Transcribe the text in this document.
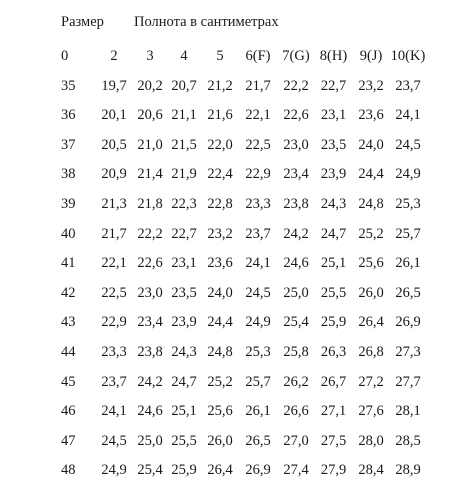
Размер Полнота в сантиметрах
0	2	3	4	5	6(F)	7(G)	8(H)	9(J)	10(K)
35	19,7	20,2	20,7	21,2	21,7	22,2	22,7	23,2	23,7
36	20,1	20,6	21,1	21,6	22,1	22,6	23,1	23,6	24,1
37	20,5	21,0	21,5	22,0	22,5	23,0	23,5	24,0	24,5
38	20,9	21,4	21,9	22,4	22,9	23,4	23,9	24,4	24,9
39	21,3	21,8	22,3	22,8	23,3	23,8	24,3	24,8	25,3
40	21,7	22,2	22,7	23,2	23,7	24,2	24,7	25,2	25,7
41	22,1	22,6	23,1	23,6	24,1	24,6	25,1	25,6	26,1
42	22,5	23,0	23,5	24,0	24,5	25,0	25,5	26,0	26,5
43	22,9	23,4	23,9	24,4	24,9	25,4	25,9	26,4	26,9
44	23,3	23,8	24,3	24,8	25,3	25,8	26,3	26,8	27,3
45	23,7	24,2	24,7	25,2	25,7	26,2	26,7	27,2	27,7
46	24,1	24,6	25,1	25,6	26,1	26,6	27,1	27,6	28,1
47	24,5	25,0	25,5	26,0	26,5	27,0	27,5	28,0	28,5
48	24,9	25,4	25,9	26,4	26,9	27,4	27,9	28,4	28,9
